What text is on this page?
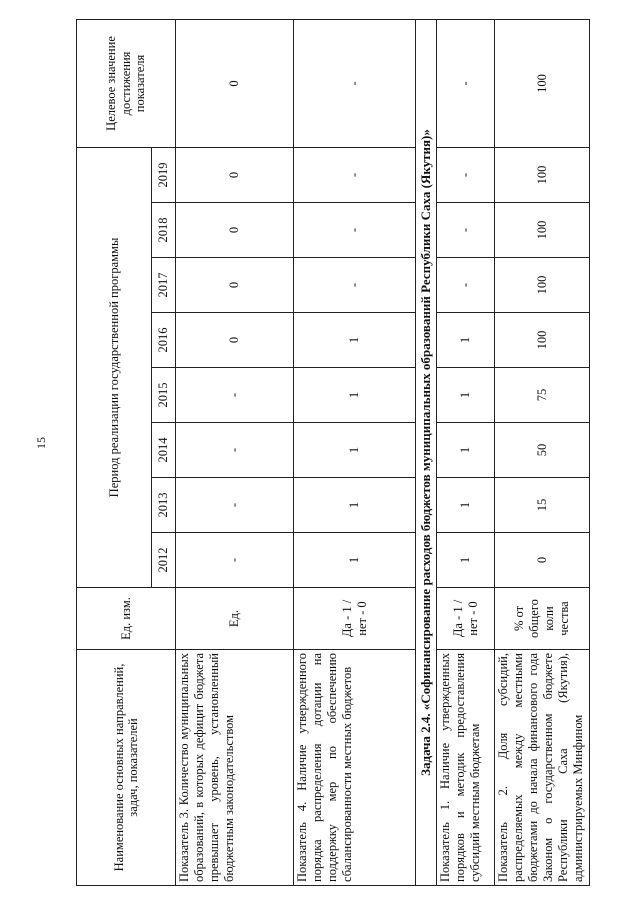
15
Наименование основных направлений, задач, показателей	Ед. изм.	Период реализации государственной программы								Целевое значение достижения показателя
		2012	2013	2014	2015	2016	2017	2018	2019	
Показатель 3. Количество муниципальных образований, в которых дефицит бюджета превышает уровень, установленный бюджетным законодательством	Ед.	-	-	-	-	0	0	0	0	0
Показатель 4. Наличие утвержденного порядка распределения дотации на поддержку мер по обеспечению сбалансированности местных бюджетов	Да - 1 /нет - 0	1	1	1	1	1	-	-	-	-
Задача 2.4. «Софинансирование расходов бюджетов муниципальных образований Республики Саха (Якутия)»										
Показатель 1. Наличие утвержденных порядков и методик предоставления субсидий местным бюджетам	Да - 1 /нет - 0	1	1	1	1	1	-	-	-	-
Показатель 2. Доля субсидий, распределяемых между местными бюджетами до начала финансового года Законом о государственном бюджете Республики Саха (Якутия), администрируемых Минфином	% от общего коли чества	0	15	50	75	100	100	100	100	100
